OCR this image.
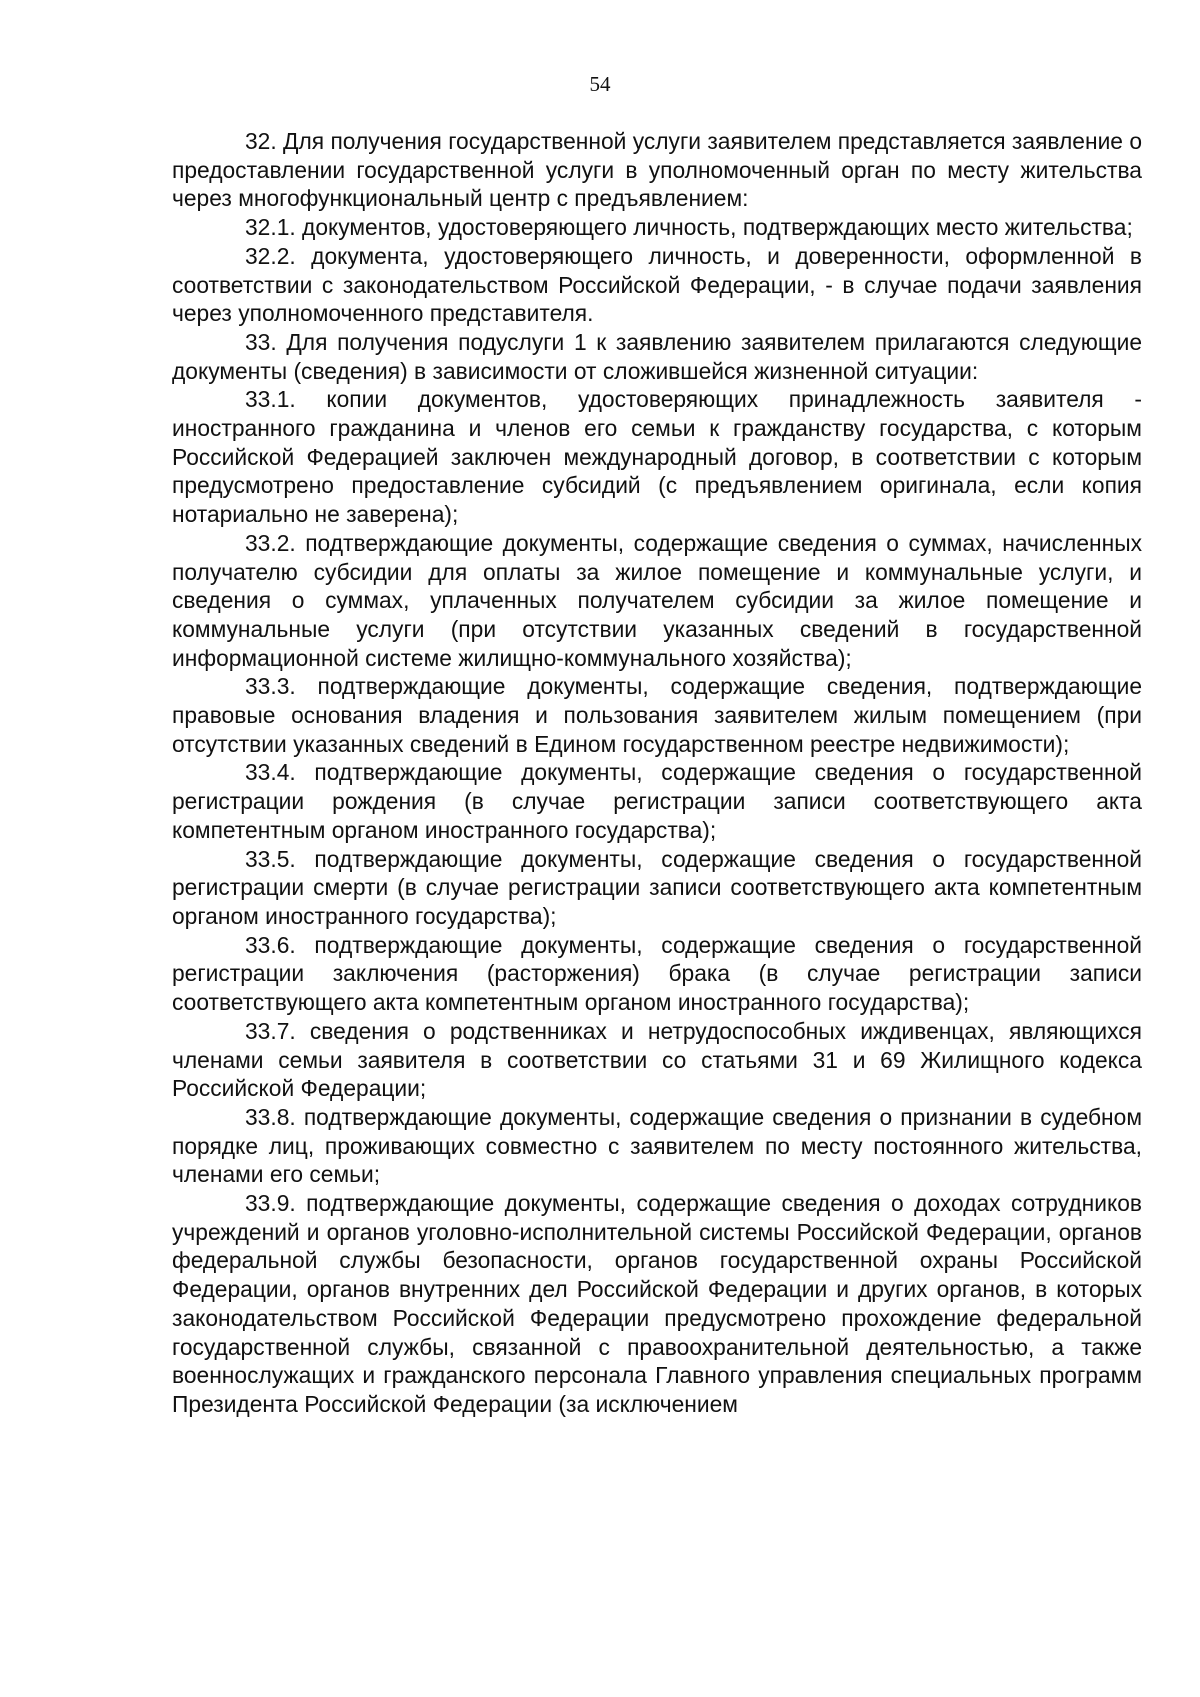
54

32. Для получения государственной услуги заявителем представляется заявление о предоставлении государственной услуги в уполномоченный орган по месту жительства через многофункциональный центр с предъявлением:

32.1. документов, удостоверяющего личность, подтверждающих место жительства;

32.2. документа, удостоверяющего личность, и доверенности, оформленной в соответствии с законодательством Российской Федерации, - в случае подачи заявления через уполномоченного представителя.

33. Для получения подуслуги 1 к заявлению заявителем прилагаются следующие документы (сведения) в зависимости от сложившейся жизненной ситуации:

33.1. копии документов, удостоверяющих принадлежность заявителя - иностранного гражданина и членов его семьи к гражданству государства, с которым Российской Федерацией заключен международный договор, в соответствии с которым предусмотрено предоставление субсидий (с предъявлением оригинала, если копия нотариально не заверена);

33.2. подтверждающие документы, содержащие сведения о суммах, начисленных получателю субсидии для оплаты за жилое помещение и коммунальные услуги, и сведения о суммах, уплаченных получателем субсидии за жилое помещение и коммунальные услуги (при отсутствии указанных сведений в государственной информационной системе жилищно-коммунального хозяйства);

33.3. подтверждающие документы, содержащие сведения, подтверждающие правовые основания владения и пользования заявителем жилым помещением (при отсутствии указанных сведений в Едином государственном реестре недвижимости);

33.4. подтверждающие документы, содержащие сведения о государственной регистрации рождения (в случае регистрации записи соответствующего акта компетентным органом иностранного государства);

33.5. подтверждающие документы, содержащие сведения о государственной регистрации смерти (в случае регистрации записи соответствующего акта компетентным органом иностранного государства);

33.6. подтверждающие документы, содержащие сведения о государственной регистрации заключения (расторжения) брака (в случае регистрации записи соответствующего акта компетентным органом иностранного государства);

33.7. сведения о родственниках и нетрудоспособных иждивенцах, являющихся членами семьи заявителя в соответствии со статьями 31 и 69 Жилищного кодекса Российской Федерации;

33.8. подтверждающие документы, содержащие сведения о признании в судебном порядке лиц, проживающих совместно с заявителем по месту постоянного жительства, членами его семьи;

33.9. подтверждающие документы, содержащие сведения о доходах сотрудников учреждений и органов уголовно-исполнительной системы Российской Федерации, органов федеральной службы безопасности, органов государственной охраны Российской Федерации, органов внутренних дел Российской Федерации и других органов, в которых законодательством Российской Федерации предусмотрено прохождение федеральной государственной службы, связанной с правоохранительной деятельностью, а также военнослужащих и гражданского персонала Главного управления специальных программ Президента Российской Федерации (за исключением
